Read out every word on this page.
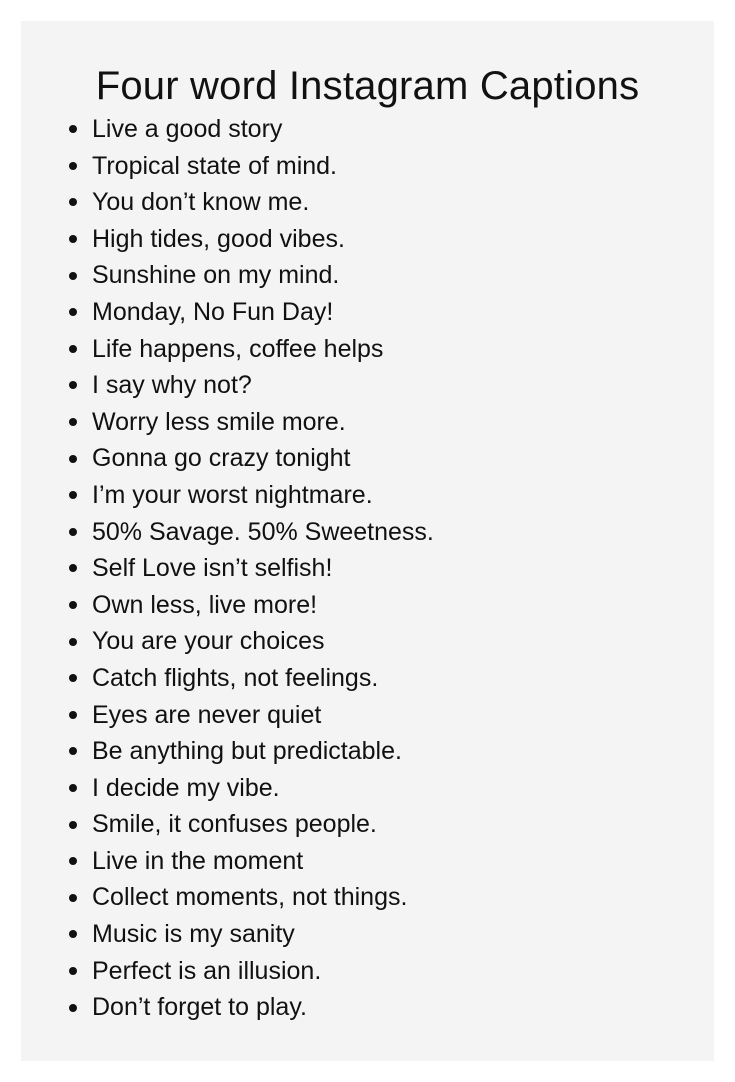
Four word Instagram Captions
Live a good story
Tropical state of mind.
You don’t know me.
High tides, good vibes.
Sunshine on my mind.
Monday, No Fun Day!
Life happens, coffee helps
I say why not?
Worry less smile more.
Gonna go crazy tonight
I’m your worst nightmare.
50% Savage. 50% Sweetness.
Self Love isn’t selfish!
Own less, live more!
You are your choices
Catch flights, not feelings.
Eyes are never quiet
Be anything but predictable.
I decide my vibe.
Smile, it confuses people.
Live in the moment
Collect moments, not things.
Music is my sanity
Perfect is an illusion.
Don’t forget to play.
